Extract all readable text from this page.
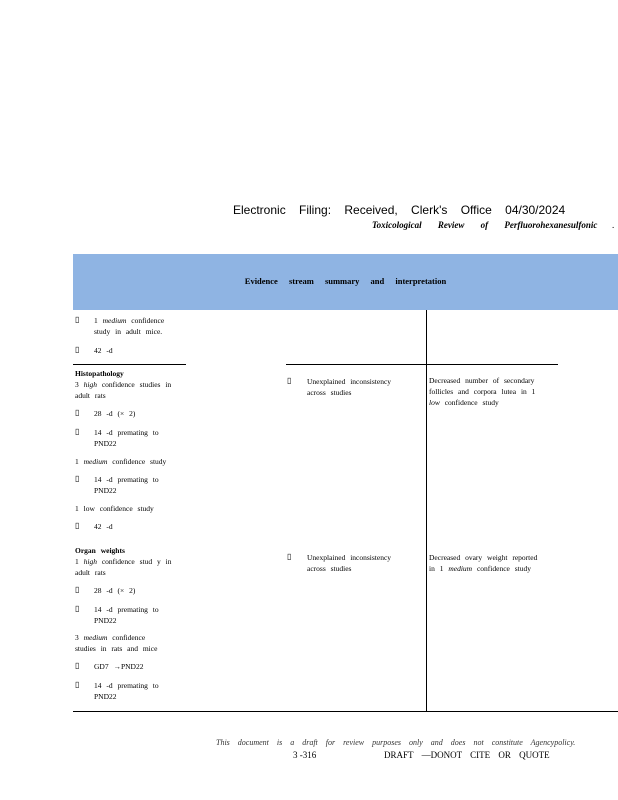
Electronic Filing: Received, Clerk's Office 04/30/2024
Toxicological Review of Perfluorohexanesulfonic .
Evidence stream summary and interpretation
▯ 1 medium confidence
study in adult mice.
▯ 42 -d
Histopathology
3 high confidence studies in
adult rats
▯ 28 -d (× 2)
▯ 14 -d premating to
PND22
1 medium confidence study
▯ 14 -d premating to
PND22
1 low confidence study
▯ 42 -d
▯ Unexplained inconsistency
across studies
Decreased number of secondary
follicles and corpora lutea in 1
low confidence study
Organ weights
1 high confidence stud y in
adult rats
▯ 28 -d (× 2)
▯ 14 -d premating to
PND22
3 medium confidence
studies in rats and mice
▯ GD7 →PND22
▯ 14 -d premating to
PND22
▯ Unexplained inconsistency
across studies
Decreased ovary weight reported
in 1 medium confidence study
This document is a draft for review purposes only and does not constitute Agencypolicy.
3 -316	DRAFT —DONOT CITE OR QUOTE
